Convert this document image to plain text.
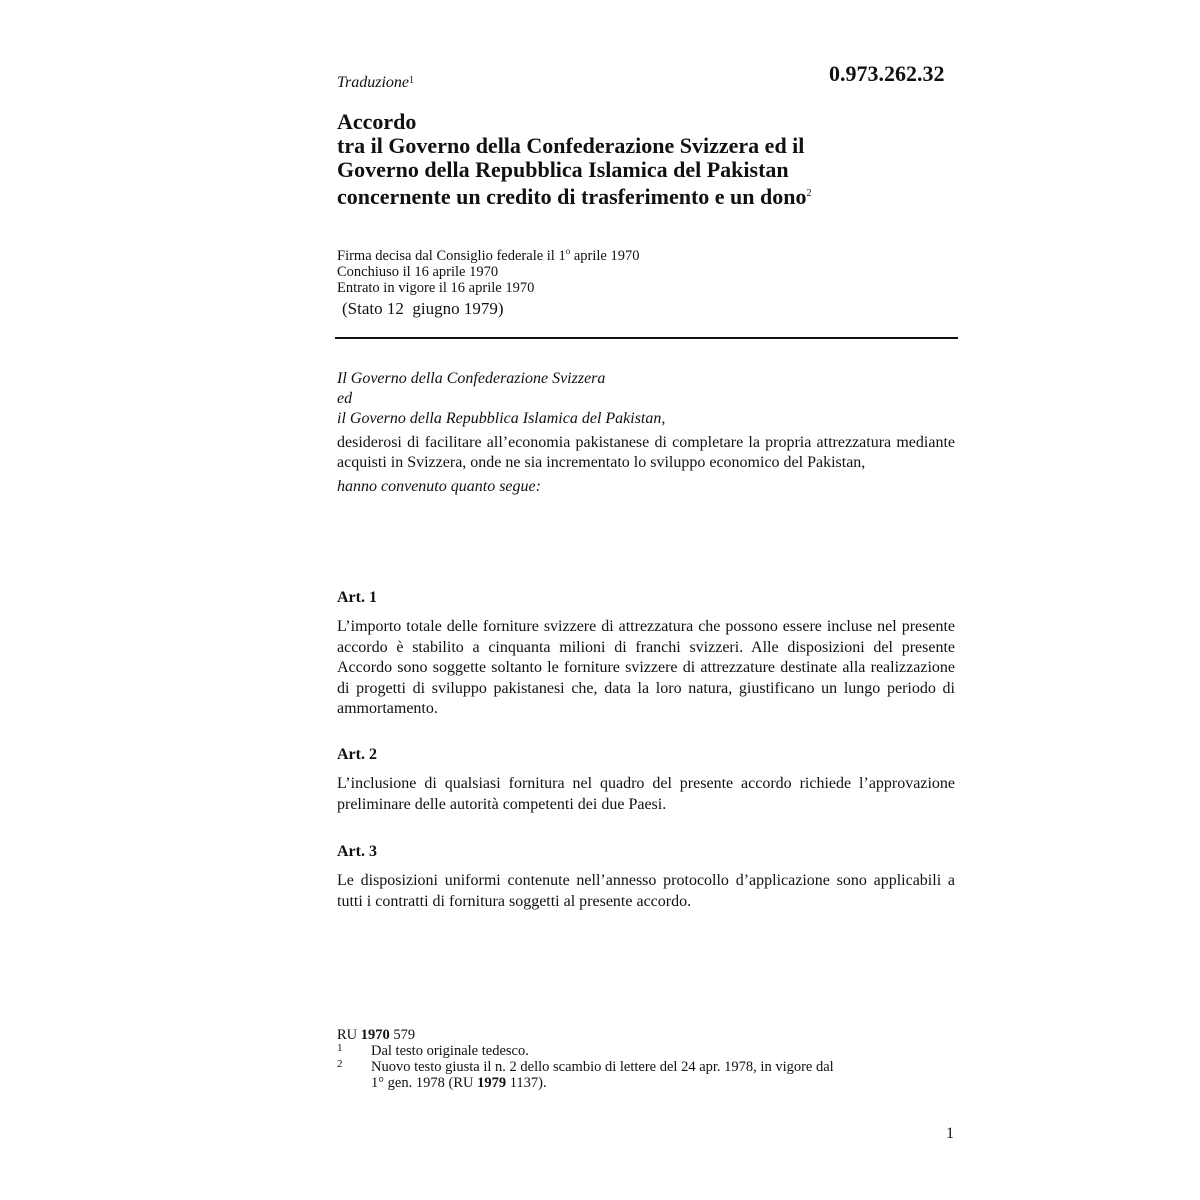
Traduzione$^1$	0.973.262.32
Accordo
tra il Governo della Confederazione Svizzera ed il
Governo della Repubblica Islamica del Pakistan
concernente un credito di trasferimento e un dono$^2$
Firma decisa dal Consiglio federale il 1$^o$ aprile 1970
Conchiuso il 16 aprile 1970
Entrato in vigore il 16 aprile 1970
(Stato 12  giugno 1979)
Il Governo della Confederazione Svizzera
ed
il Governo della Repubblica Islamica del Pakistan,
desiderosi di facilitare all’economia pakistanese di completare la propria attrezzatura mediante acquisti in Svizzera, onde ne sia incrementato lo sviluppo economico del Pakistan,
hanno convenuto quanto segue:
Art. 1
L’importo totale delle forniture svizzere di attrezzatura che possono essere incluse nel presente accordo è stabilito a cinquanta milioni di franchi svizzeri. Alle disposizioni del presente Accordo sono soggette soltanto le forniture svizzere di attrezzature destinate alla realizzazione di progetti di sviluppo pakistanesi che, data la loro natura, giustificano un lungo periodo di ammortamento.
Art. 2
L’inclusione di qualsiasi fornitura nel quadro del presente accordo richiede l’approvazione preliminare delle autorità competenti dei due Paesi.
Art. 3
Le disposizioni uniformi contenute nell’annesso protocollo d’applicazione sono applicabili a tutti i contratti di fornitura soggetti al presente accordo.
RU 1970 579
1 Dal testo originale tedesco.
2 Nuovo testo giusta il n. 2 dello scambio di lettere del 24 apr. 1978, in vigore dal
1° gen. 1978 (RU 1979 1137).
1
